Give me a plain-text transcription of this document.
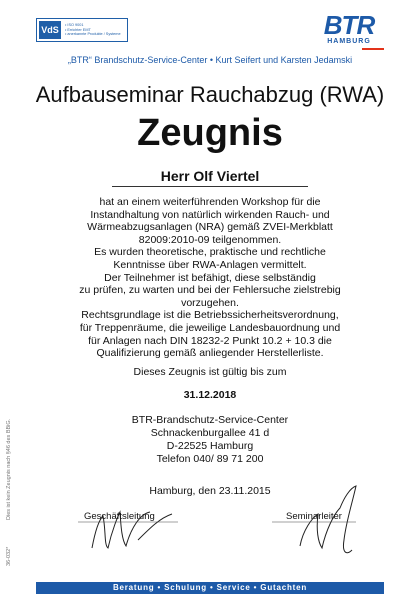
VdS	• ISO 9001
• Errichter EMT
• anerkannte Produkte / Systeme	BTR
HAMBURG
„BTR“ Brandschutz-Service-Center • Kurt Seifert und Karsten Jedamski
Aufbauseminar Rauchabzug (RWA)
Zeugnis
Herr Olf Viertel
hat an einem weiterführenden Workshop für die
Instandhaltung von natürlich wirkenden Rauch- und
Wärmeabzugsanlagen (NRA) gemäß ZVEI-Merkblatt
82009:2010-09 teilgenommen.
Es wurden theoretische, praktische und rechtliche
Kenntnisse über RWA-Anlagen vermittelt.
Der Teilnehmer ist befähigt, diese selbständig
zu prüfen, zu warten und bei der Fehlersuche zielstrebig
vorzugehen.
Rechtsgrundlage ist die Betriebssicherheitsverordnung,
für Treppenräume, die jeweilige Landesbauordnung und
für Anlagen nach DIN 18232-2 Punkt 10.2 + 10.3 die
Qualifizierung gemäß anliegender Herstellerliste.
Dieses Zeugnis ist gültig bis zum
31.12.2018
BTR-Brandschutz-Service-Center
Schnackenburgallee 41 d
D-22525 Hamburg
Telefon 040/ 89 71 200
Hamburg, den 23.11.2015
Geschäftsleitung	Seminarleiter
Dies ist kein Zeugnis nach §46 des BBiG.
36-032*
Beratung • Schulung • Service • Gutachten
